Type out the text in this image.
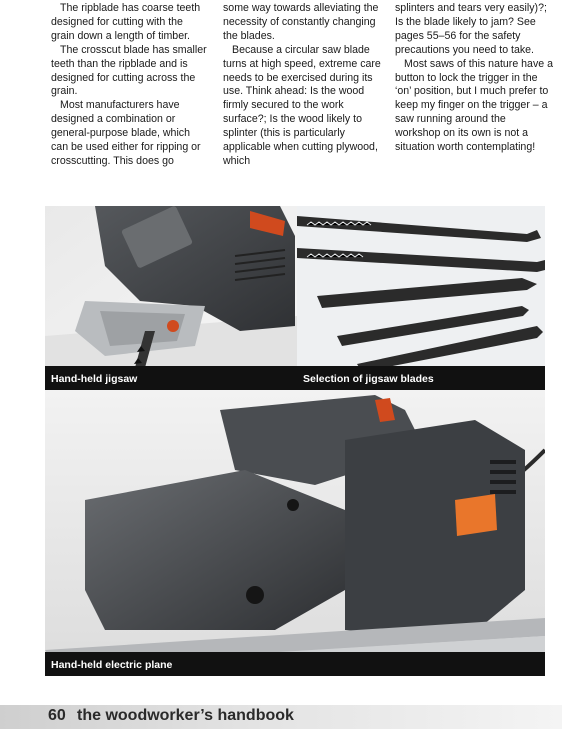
The ripblade has coarse teeth designed for cutting with the grain down a length of timber.

The crosscut blade has smaller teeth than the ripblade and is designed for cutting across the grain.

Most manufacturers have designed a combination or general-purpose blade, which can be used either for ripping or crosscutting. This does go

some way towards alleviating the necessity of constantly changing the blades.

Because a circular saw blade turns at high speed, extreme care needs to be exercised during its use. Think ahead: Is the wood firmly secured to the work surface?; Is the wood likely to splinter (this is particularly applicable when cutting plywood, which

splinters and tears very easily)?; Is the blade likely to jam? See pages 55–56 for the safety precautions you need to take.

Most saws of this nature have a button to lock the trigger in the ‘on’ position, but I much prefer to keep my finger on the trigger – a saw running around the workshop on its own is not a situation worth contemplating!

Hand-held jigsaw	Selection of jigsaw blades
Hand-held electric plane
60 the woodworker’s handbook
